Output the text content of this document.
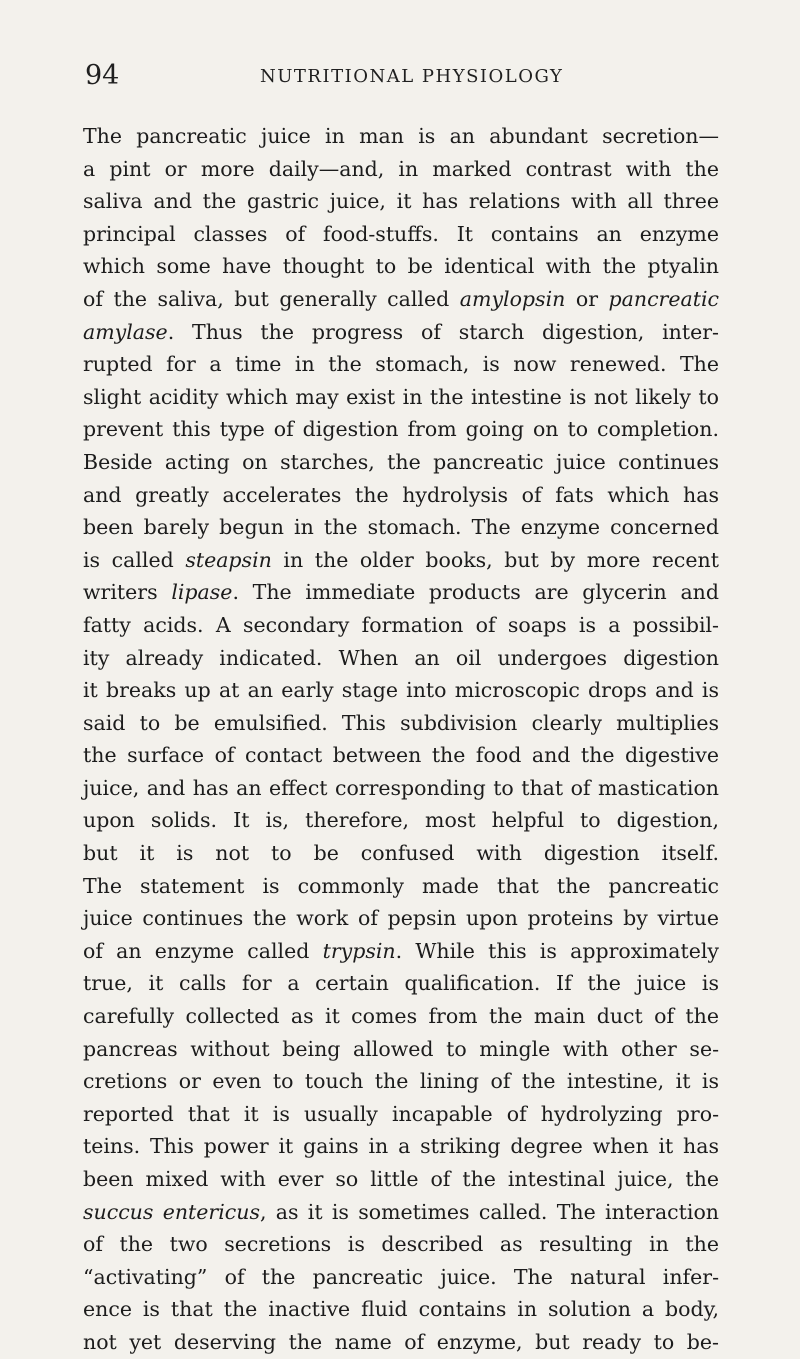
94	NUTRITIONAL PHYSIOLOGY
The pancreatic juice in man is an abundant secretion—
a pint or more daily—and, in marked contrast with the
saliva and the gastric juice, it has relations with all three
principal classes of food-stuffs. It contains an enzyme
which some have thought to be identical with the ptyalin
of the saliva, but generally called amylopsin or pancreatic
amylase. Thus the progress of starch digestion, inter-
rupted for a time in the stomach, is now renewed. The
slight acidity which may exist in the intestine is not likely to
prevent this type of digestion from going on to completion.
Beside acting on starches, the pancreatic juice continues
and greatly accelerates the hydrolysis of fats which has
been barely begun in the stomach. The enzyme concerned
is called steapsin in the older books, but by more recent
writers lipase. The immediate products are glycerin and
fatty acids. A secondary formation of soaps is a possibil-
ity already indicated. When an oil undergoes digestion
it breaks up at an early stage into microscopic drops and is
said to be emulsified. This subdivision clearly multiplies
the surface of contact between the food and the digestive
juice, and has an effect corresponding to that of mastication
upon solids. It is, therefore, most helpful to digestion,
but it is not to be confused with digestion itself.
The statement is commonly made that the pancreatic
juice continues the work of pepsin upon proteins by virtue
of an enzyme called trypsin. While this is approximately
true, it calls for a certain qualification. If the juice is
carefully collected as it comes from the main duct of the
pancreas without being allowed to mingle with other se-
cretions or even to touch the lining of the intestine, it is
reported that it is usually incapable of hydrolyzing pro-
teins. This power it gains in a striking degree when it has
been mixed with ever so little of the intestinal juice, the
succus entericus, as it is sometimes called. The interaction
of the two secretions is described as resulting in the
“activating” of the pancreatic juice. The natural infer-
ence is that the inactive fluid contains in solution a body,
not yet deserving the name of enzyme, but ready to be-
